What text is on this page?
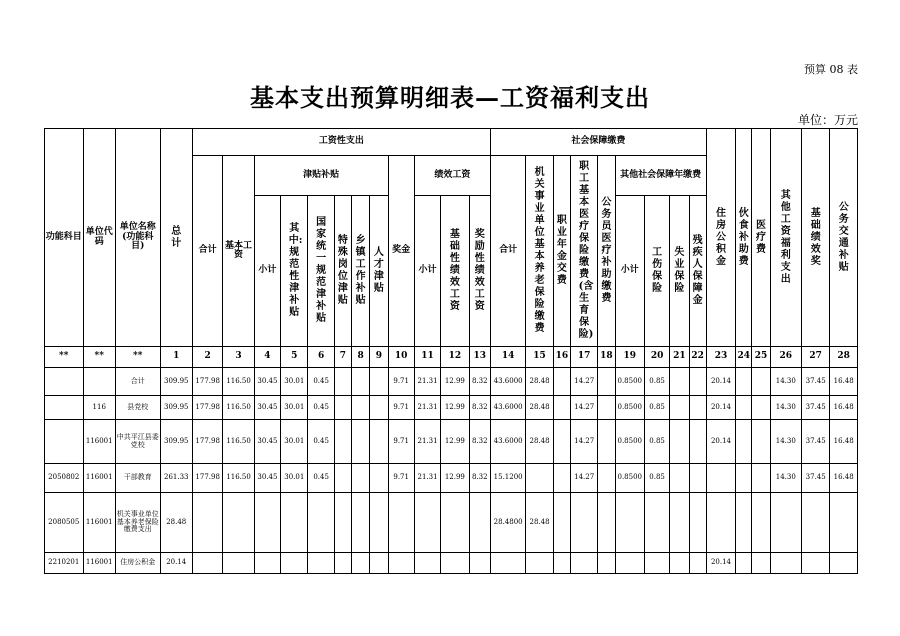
预算 08 表
基本支出预算明细表—工资福利支出
单位：万元
功能科目	单位代码	单位名称(功能科目)	总计	工资性支出												社会保障缴费									住房公积金	伙食补助费	医疗费	其他工资福利支出	基础绩效奖	公务交通补贴

				合计	基本工资	津贴补贴						奖金	绩效工资			合计	机关事业单位基本养老保险缴费	职业年金交费	职工基本医疗保险缴费(含生育保险)	公务员医疗补助缴费	其他社会保障年缴费									

						小计	其中:规范性津补贴	国家统一规范津补贴	特殊岗位津贴	乡镇工作补贴	人才津贴		小计	基础性绩效工资	奖励性绩效工资						小计	工伤保险	失业保险	残疾人保障金						

**	**	**	1	2	3	4	5	6	7	8	9	10	11	12	13	14	15	16	17	18	19	20	21	22	23	24	25	26	27	28
		合计	309.95	177.98	116.50	30.45	30.01	0.45				9.71	21.31	12.99	8.32	43.6000	28.48		14.27		0.8500	0.85			20.14			14.30	37.45	16.48
	116	县党校	309.95	177.98	116.50	30.45	30.01	0.45				9.71	21.31	12.99	8.32	43.6000	28.48		14.27		0.8500	0.85			20.14			14.30	37.45	16.48
	116001	中共平江县委党校	309.95	177.98	116.50	30.45	30.01	0.45				9.71	21.31	12.99	8.32	43.6000	28.48		14.27		0.8500	0.85			20.14			14.30	37.45	16.48
2050802	116001	干部教育	261.33	177.98	116.50	30.45	30.01	0.45				9.71	21.31	12.99	8.32	15.1200			14.27		0.8500	0.85						14.30	37.45	16.48
2080505	116001	机关事业单位基本养老保险缴费支出	28.48													28.4800	28.48													
2210201	116001	住房公积金	20.14																						20.14					
